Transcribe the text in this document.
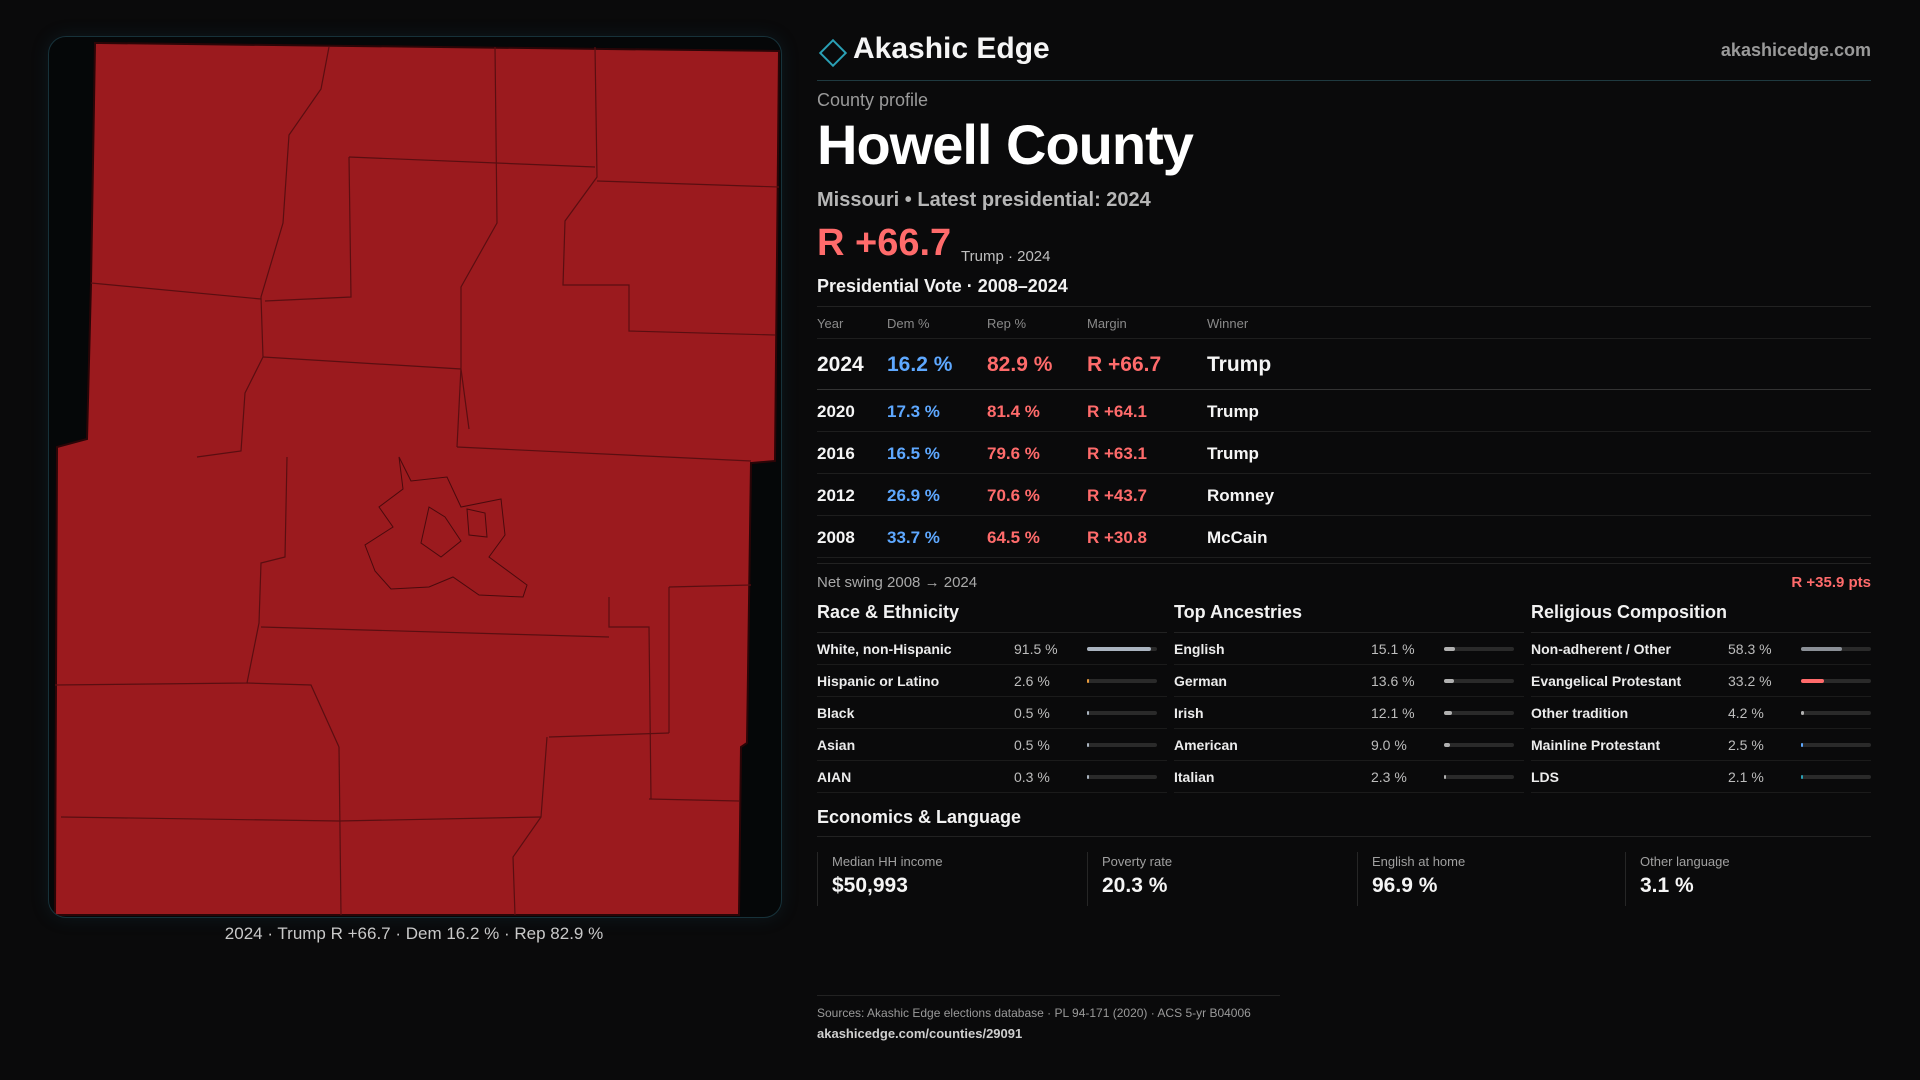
2024 · Trump R +66.7 · Dem 16.2 % · Rep 82.9 %
Akashic Edge	akashicedge.com
County profile
Howell County
Missouri • Latest presidential: 2024
R +66.7 Trump · 2024
Presidential Vote · 2008–2024
Year	Dem %	Rep %	Margin	Winner
2024 16.2 % 82.9 % R +66.7 Trump
2020 17.3 %	81.4 %	R +64.1	Trump
2016 16.5 %	79.6 %	R +63.1	Trump
2012 26.9 %	70.6 %	R +43.7	Romney
2008 33.7 %	64.5 %	R +30.8	McCain
Net swing 2008 → 2024	R +35.9 pts
Race & Ethnicity
White, non-Hispanic	91.5 %
Hispanic or Latino	2.6 %
Black	0.5 %
Asian	0.5 %
AIAN	0.3 %
Top Ancestries
English	15.1 %
German	13.6 %
Irish	12.1 %
American	9.0 %
Italian	2.3 %
Religious Composition
Non-adherent / Other	58.3 %
Evangelical Protestant	33.2 %
Other tradition	4.2 %
Mainline Protestant	2.5 %
LDS	2.1 %
Economics & Language
Median HH income
$50,993
Poverty rate
20.3 %
English at home
96.9 %
Other language
3.1 %
Sources: Akashic Edge elections database · PL 94-171 (2020) · ACS 5-yr B04006
akashicedge.com/counties/29091
